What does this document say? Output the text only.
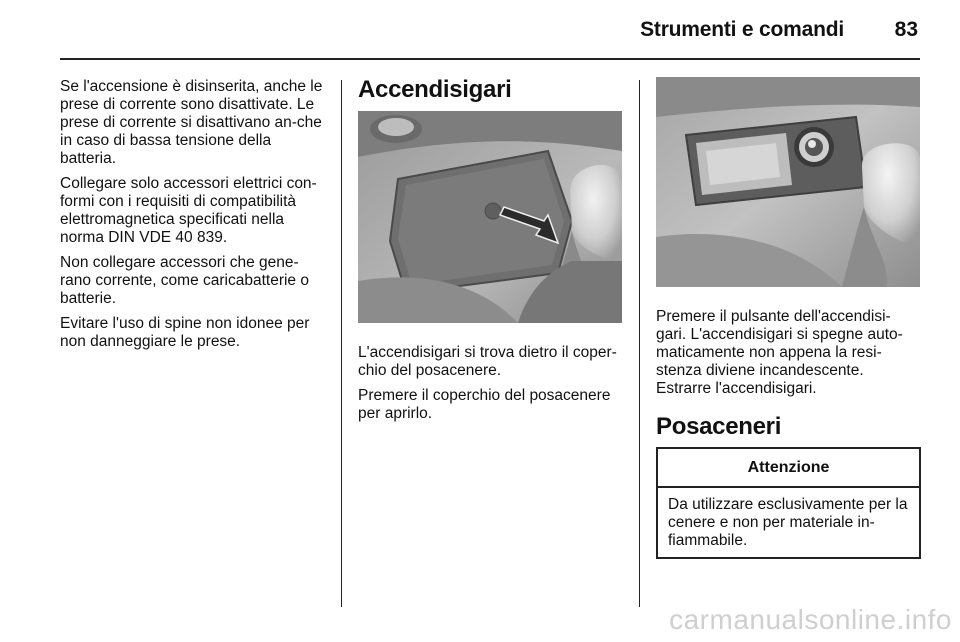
Strumenti e comandi 83

Se l'accensione è disinserita, anche le prese di corrente sono disattivate. Le prese di corrente si disattivano an-che in caso di bassa tensione della batteria.

Collegare solo accessori elettrici con-formi con i requisiti di compatibilità elettromagnetica specificati nella norma DIN VDE 40 839.

Non collegare accessori che gene-rano corrente, come caricabatterie o batterie.

Evitare l'uso di spine non idonee per non danneggiare le prese.

Accendisigari

L'accendisigari si trova dietro il coper-chio del posacenere.

Premere il coperchio del posacenere per aprirlo.

Premere il pulsante dell'accendisi-gari. L'accendisigari si spegne auto-maticamente non appena la resi-stenza diviene incandescente.

Estrarre l'accendisigari.

Posaceneri
Attenzione
Da utilizzare esclusivamente per la cenere e non per materiale in-fiammabile.
carmanualsonline.info
